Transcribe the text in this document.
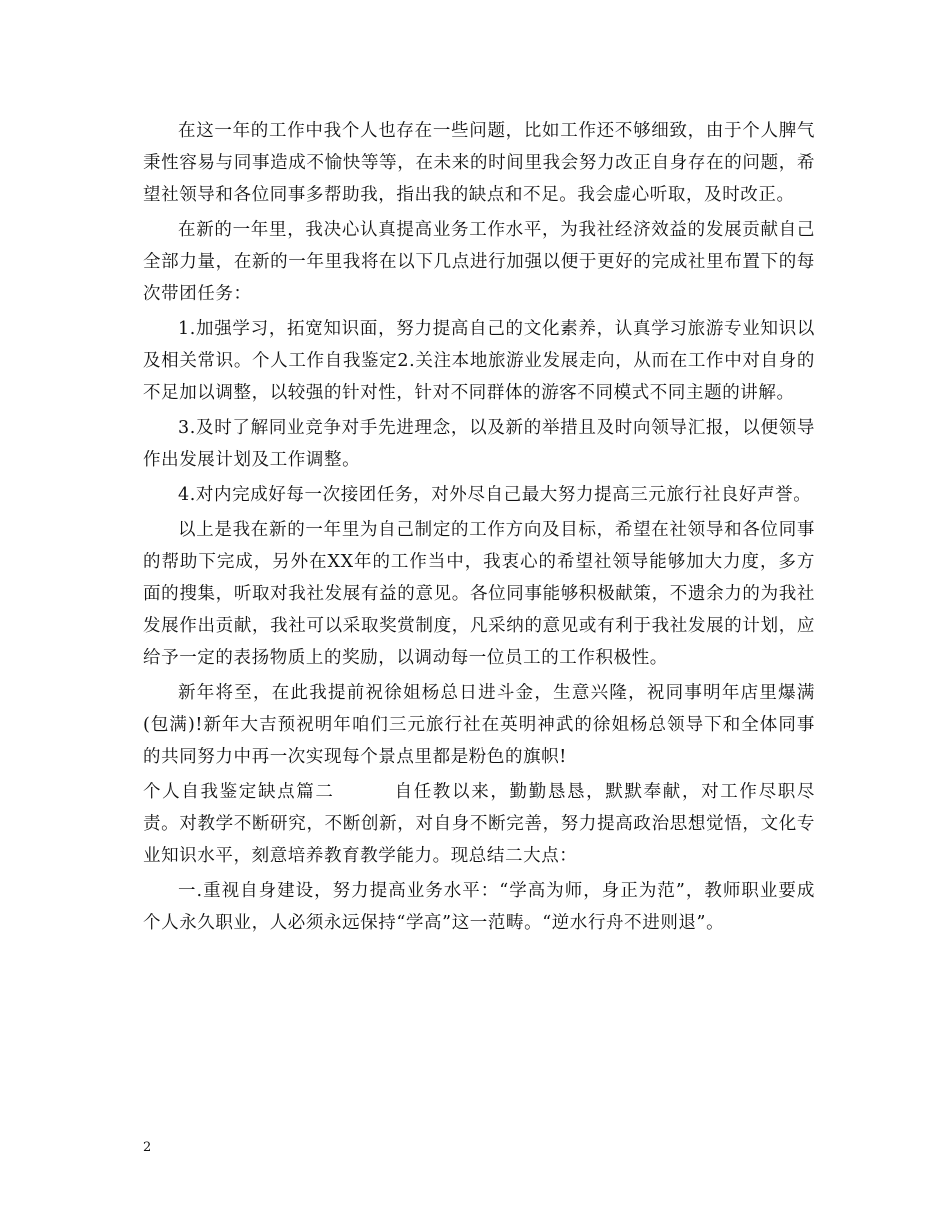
在这一年的工作中我个人也存在一些问题，比如工作还不够细致，由于个人脾气秉性容易与同事造成不愉快等等，在未来的时间里我会努力改正自身存在的问题，希望社领导和各位同事多帮助我，指出我的缺点和不足。我会虚心听取，及时改正。

在新的一年里，我决心认真提高业务工作水平，为我社经济效益的发展贡献自己全部力量，在新的一年里我将在以下几点进行加强以便于更好的完成社里布置下的每次带团任务：

1.加强学习，拓宽知识面，努力提高自己的文化素养，认真学习旅游专业知识以及相关常识。个人工作自我鉴定2.关注本地旅游业发展走向，从而在工作中对自身的不足加以调整，以较强的针对性，针对不同群体的游客不同模式不同主题的讲解。

3.及时了解同业竞争对手先进理念，以及新的举措且及时向领导汇报，以便领导作出发展计划及工作调整。

4.对内完成好每一次接团任务，对外尽自己最大努力提高三元旅行社良好声誉。

以上是我在新的一年里为自己制定的工作方向及目标，希望在社领导和各位同事的帮助下完成，另外在XX年的工作当中，我衷心的希望社领导能够加大力度，多方面的搜集，听取对我社发展有益的意见。各位同事能够积极献策，不遗余力的为我社发展作出贡献，我社可以采取奖赏制度，凡采纳的意见或有利于我社发展的计划，应给予一定的表扬物质上的奖励，以调动每一位员工的工作积极性。

新年将至，在此我提前祝徐姐杨总日进斗金，生意兴隆，祝同事明年店里爆满(包满)!新年大吉预祝明年咱们三元旅行社在英明神武的徐姐杨总领导下和全体同事的共同努力中再一次实现每个景点里都是粉色的旗帜!

个人自我鉴定缺点篇二	自任教以来，勤勤恳恳，默默奉献，对工作尽职尽责。对教学不断研究，不断创新，对自身不断完善，努力提高政治思想觉悟，文化专业知识水平，刻意培养教育教学能力。现总结二大点：

一.重视自身建设，努力提高业务水平：“学高为师，身正为范”，教师职业要成个人永久职业，人必须永远保持“学高”这一范畴。“逆水行舟不进则退”。

2
